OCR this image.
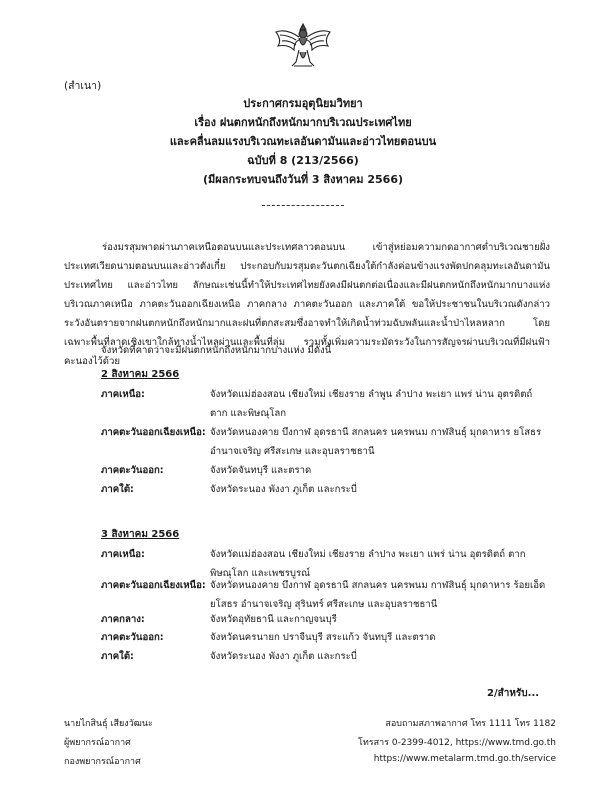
(สำเนา)
ประกาศกรมอุตุนิยมวิทยา
เรื่อง ฝนตกหนักถึงหนักมากบริเวณประเทศไทย
และคลื่นลมแรงบริเวณทะเลอันดามันและอ่าวไทยตอนบน
ฉบับที่ 8 (213/2566)
(มีผลกระทบจนถึงวันที่ 3 สิงหาคม 2566)
ร่องมรสุมพาดผ่านภาคเหนือตอนบนและประเทศลาวตอนบน เข้าสู่หย่อมความกดอากาศต่ำบริเวณชายฝั่งประเทศเวียดนามตอนบนและอ่าวตังเกี๋ย ประกอบกับมรสุมตะวันตกเฉียงใต้กำลังค่อนข้างแรงพัดปกคลุมทะเลอันดามัน ประเทศไทย และอ่าวไทย ลักษณะเช่นนี้ทำให้ประเทศไทยยังคงมีฝนตกต่อเนื่องและมีฝนตกหนักถึงหนักมากบางแห่งบริเวณภาคเหนือ ภาคตะวันออกเฉียงเหนือ ภาคกลาง ภาคตะวันออก และภาคใต้ ขอให้ประชาชนในบริเวณดังกล่าวระวังอันตรายจากฝนตกหนักถึงหนักมากและฝนที่ตกสะสมซึ่งอาจทำให้เกิดน้ำท่วมฉับพลันและน้ำป่าไหลหลาก โดยเฉพาะพื้นที่ลาดเชิงเขาใกล้ทางน้ำไหลผ่านและพื้นที่ลุ่ม รวมทั้งเพิ่มความระมัดระวังในการสัญจรผ่านบริเวณที่มีฝนฟ้าคะนองไว้ด้วย
จังหวัดที่คาดว่าจะมีฝนตกหนักถึงหนักมากบางแห่ง มีดังนี้
2 สิงหาคม 2566
ภาคเหนือ:	จังหวัดแม่ฮ่องสอน เชียงใหม่ เชียงราย ลำพูน ลำปาง พะเยา แพร่ น่าน อุตรดิตถ์ ตาก และพิษณุโลก
ภาคตะวันออกเฉียงเหนือ: จังหวัดหนองคาย บึงกาฬ อุดรธานี สกลนคร นครพนม กาฬสินธุ์ มุกดาหาร ยโสธร อำนาจเจริญ ศรีสะเกษ และอุบลราชธานี
ภาคตะวันออก:	จังหวัดจันทบุรี และตราด
ภาคใต้:	จังหวัดระนอง พังงา ภูเก็ต และกระบี่
3 สิงหาคม 2566
ภาคเหนือ:	จังหวัดแม่ฮ่องสอน เชียงใหม่ เชียงราย ลำปาง พะเยา แพร่ น่าน อุตรดิตถ์ ตาก พิษณุโลก และเพชรบูรณ์
ภาคตะวันออกเฉียงเหนือ: จังหวัดหนองคาย บึงกาฬ อุดรธานี สกลนคร นครพนม กาฬสินธุ์ มุกดาหาร ร้อยเอ็ด ยโสธร อำนาจเจริญ สุรินทร์ ศรีสะเกษ และอุบลราชธานี
ภาคกลาง:	จังหวัดอุทัยธานี และกาญจนบุรี
ภาคตะวันออก:	จังหวัดนครนายก ปราจีนบุรี สระแก้ว จันทบุรี และตราด
ภาคใต้:	จังหวัดระนอง พังงา ภูเก็ต และกระบี่
2/สำหรับ...
นายไกสินธุ์ เสียงวัฒนะ
ผู้พยากรณ์อากาศ
กองพยากรณ์อากาศ
สอบถามสภาพอากาศ โทร 1111 โทร 1182
โทรสาร 0-2399-4012, https://www.tmd.go.th
https://www.metalarm.tmd.go.th/service
